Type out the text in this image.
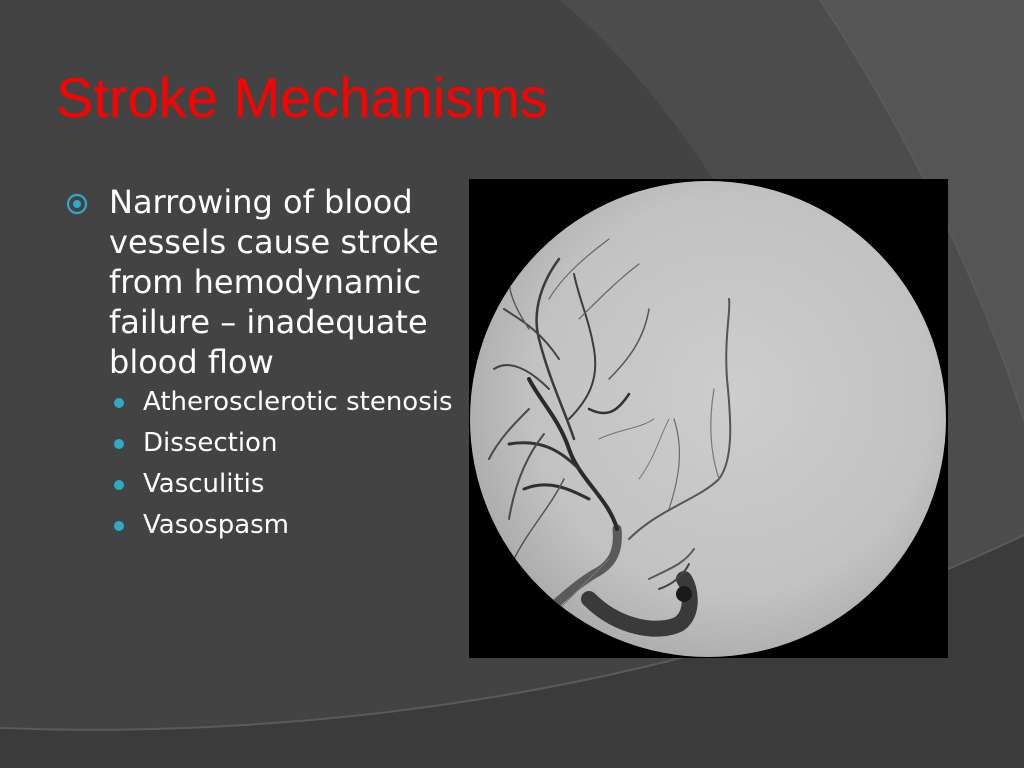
Stroke Mechanisms
Narrowing of blood vessels cause stroke from hemodynamic failure – inadequate blood flow
Atherosclerotic stenosis
Dissection
Vasculitis
Vasospasm
